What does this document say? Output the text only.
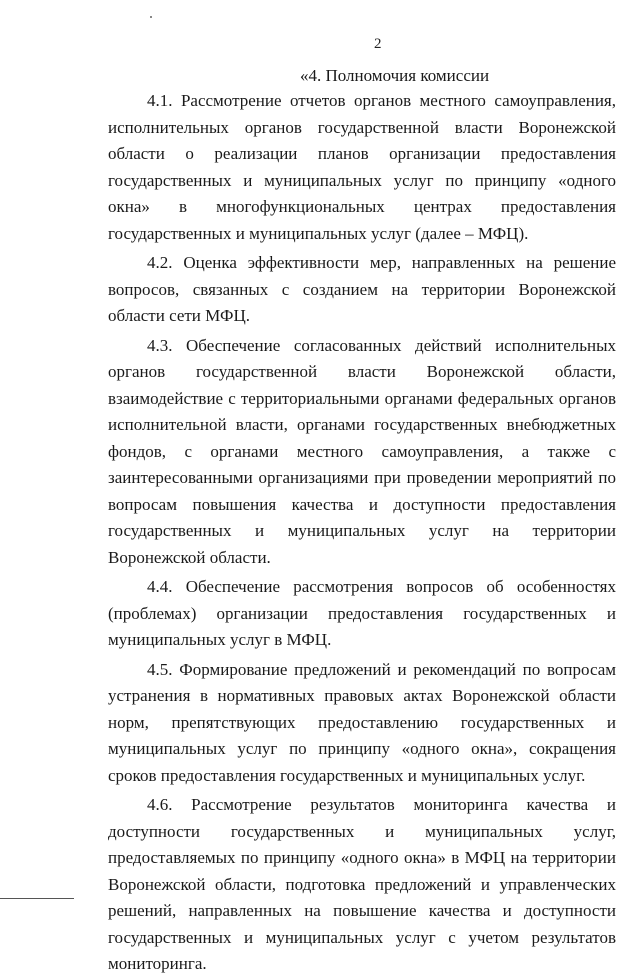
2
«4. Полномочия комиссии

4.1. Рассмотрение отчетов органов местного самоуправления, исполнительных органов государственной власти Воронежской области о реализации планов организации предоставления государственных и муниципальных услуг по принципу «одного окна» в многофункциональных центрах предоставления государственных и муниципальных услуг (далее – МФЦ).

4.2. Оценка эффективности мер, направленных на решение вопросов, связанных с созданием на территории Воронежской области сети МФЦ.

4.3. Обеспечение согласованных действий исполнительных органов государственной власти Воронежской области, взаимодействие с территориальными органами федеральных органов исполнительной власти, органами государственных внебюджетных фондов, с органами местного самоуправления, а также с заинтересованными организациями при проведении мероприятий по вопросам повышения качества и доступности предоставления государственных и муниципальных услуг на территории Воронежской области.

4.4. Обеспечение рассмотрения вопросов об особенностях (проблемах) организации предоставления государственных и муниципальных услуг в МФЦ.

4.5. Формирование предложений и рекомендаций по вопросам устранения в нормативных правовых актах Воронежской области норм, препятствующих предоставлению государственных и муниципальных услуг по принципу «одного окна», сокращения сроков предоставления государственных и муниципальных услуг.

4.6. Рассмотрение результатов мониторинга качества и доступности государственных и муниципальных услуг, предоставляемых по принципу «одного окна» в МФЦ на территории Воронежской области, подготовка предложений и управленческих решений, направленных на повышение качества и доступности государственных и муниципальных услуг с учетом результатов мониторинга.
